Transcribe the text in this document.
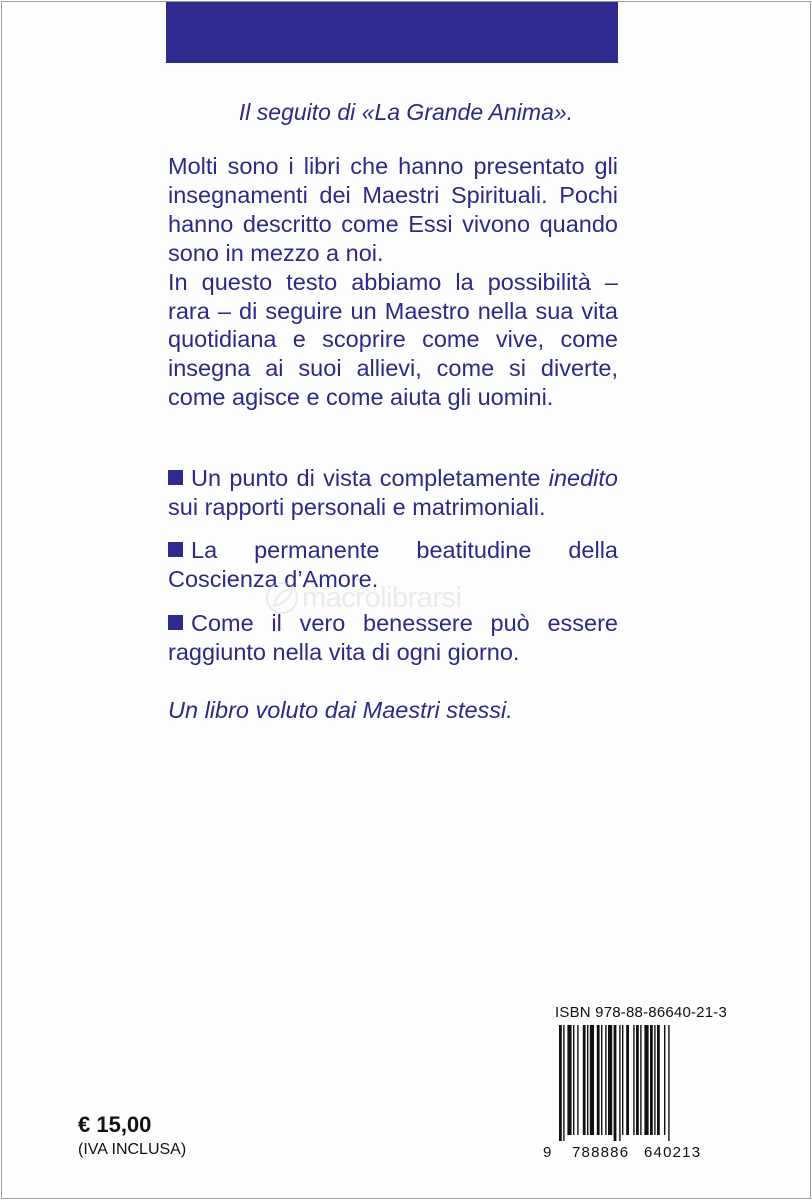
Il seguito di «La Grande Anima».

Molti sono i libri che hanno presentato gli insegnamenti dei Maestri Spirituali. Pochi hanno descritto come Essi vivono quando sono in mezzo a noi.

In questo testo abbiamo la possibilità – rara – di seguire un Maestro nella sua vita quotidiana e scoprire come vive, come insegna ai suoi allievi, come si diverte, come agisce e come aiuta gli uomini.

Un punto di vista completamente inedito sui rapporti personali e matrimoniali.
La permanente beatitudine della Coscienza d’Amore.
Come il vero benessere può essere raggiunto nella vita di ogni giorno.
Un libro voluto dai Maestri stessi.
macrolibrarsi
ISBN 978-88-86640-21-3
9 788886 640213
€ 15,00
(IVA INCLUSA)
